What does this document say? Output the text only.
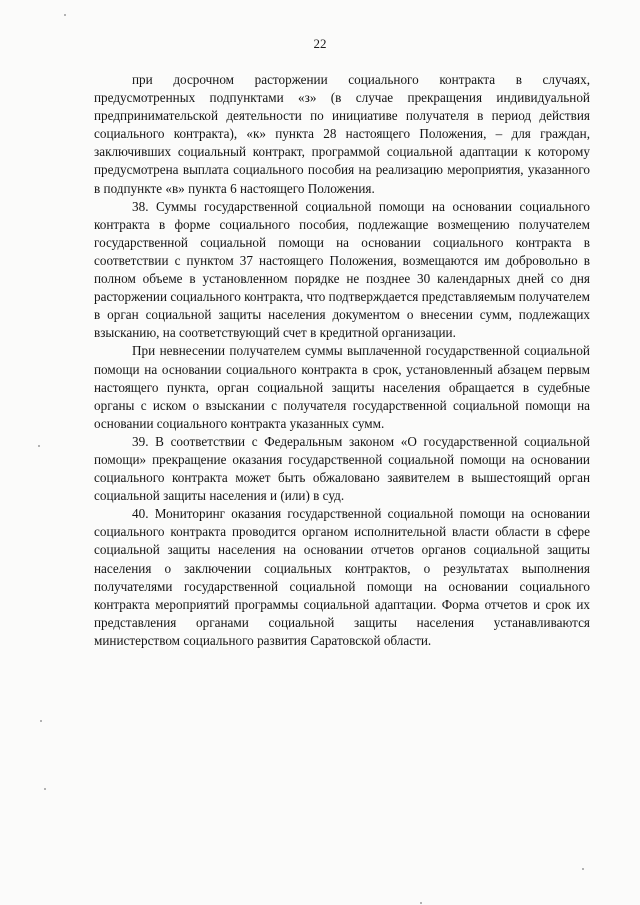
22

при досрочном расторжении социального контракта в случаях, предусмотренных подпунктами «з» (в случае прекращения индивидуальной предпринимательской деятельности по инициативе получателя в период действия социального контракта), «к» пункта 28 настоящего Положения, – для граждан, заключивших социальный контракт, программой социальной адаптации к которому предусмотрена выплата социального пособия на реализацию мероприятия, указанного в подпункте «в» пункта 6 настоящего Положения.

38. Суммы государственной социальной помощи на основании социального контракта в форме социального пособия, подлежащие возмещению получателем государственной социальной помощи на основании социального контракта в соответствии с пунктом 37 настоящего Положения, возмещаются им добровольно в полном объеме в установленном порядке не позднее 30 календарных дней со дня расторжении социального контракта, что подтверждается представляемым получателем в орган социальной защиты населения документом о внесении сумм, подлежащих взысканию, на соответствующий счет в кредитной организации.

При невнесении получателем суммы выплаченной государственной социальной помощи на основании социального контракта в срок, установленный абзацем первым настоящего пункта, орган социальной защиты населения обращается в судебные органы с иском о взыскании с получателя государственной социальной помощи на основании социального контракта указанных сумм.

39. В соответствии с Федеральным законом «О государственной социальной помощи» прекращение оказания государственной социальной помощи на основании социального контракта может быть обжаловано заявителем в вышестоящий орган социальной защиты населения и (или) в суд.

40. Мониторинг оказания государственной социальной помощи на основании социального контракта проводится органом исполнительной власти области в сфере социальной защиты населения на основании отчетов органов социальной защиты населения о заключении социальных контрактов, о результатах выполнения получателями государственной социальной помощи на основании социального контракта мероприятий программы социальной адаптации. Форма отчетов и срок их представления органами социальной защиты населения устанавливаются министерством социального развития Саратовской области.
